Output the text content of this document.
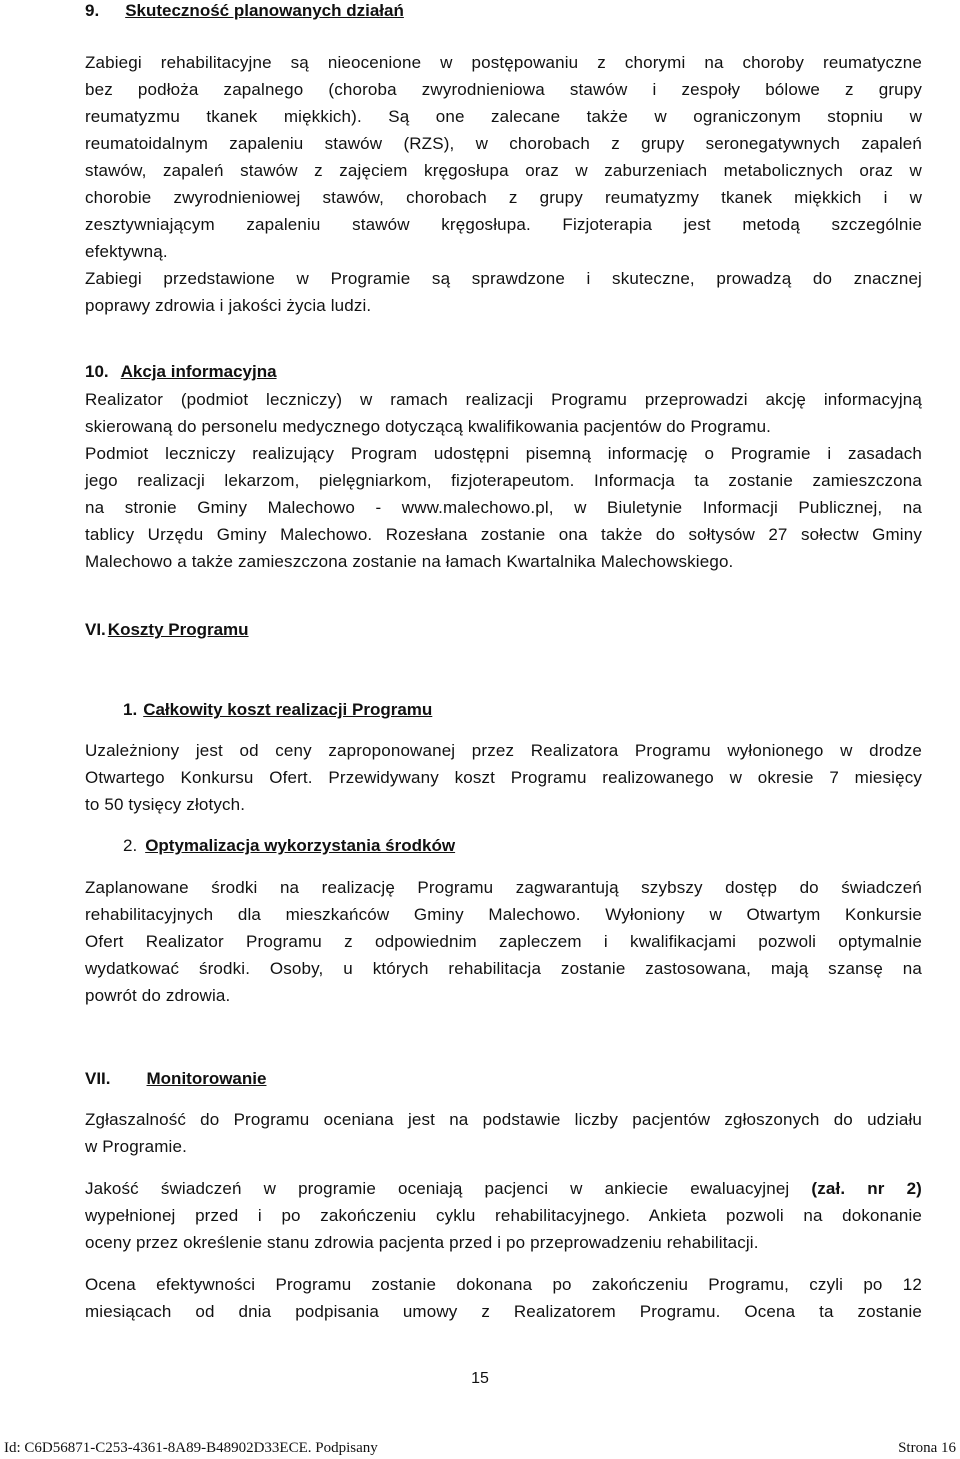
9. Skuteczność planowanych działań
Zabiegi rehabilitacyjne są nieocenione w postępowaniu z chorymi na choroby reumatyczne
bez podłoża zapalnego (choroba zwyrodnieniowa stawów i zespoły bólowe z grupy
reumatyzmu tkanek miękkich). Są one zalecane także w ograniczonym stopniu w
reumatoidalnym zapaleniu stawów (RZS), w chorobach z grupy seronegatywnych zapaleń
stawów, zapaleń stawów z zajęciem kręgosłupa oraz w zaburzeniach metabolicznych oraz w
chorobie zwyrodnieniowej stawów, chorobach z grupy reumatyzmy tkanek miękkich i w
zesztywniającym zapaleniu stawów kręgosłupa. Fizjoterapia jest metodą szczególnie
efektywną.
Zabiegi przedstawione w Programie są sprawdzone i skuteczne, prowadzą do znacznej
poprawy zdrowia i jakości życia ludzi.
10. Akcja informacyjna
Realizator (podmiot leczniczy) w ramach realizacji Programu przeprowadzi akcję informacyjną
skierowaną do personelu medycznego dotyczącą kwalifikowania pacjentów do Programu.
Podmiot leczniczy realizujący Program udostępni pisemną informację o Programie i zasadach
jego realizacji lekarzom, pielęgniarkom, fizjoterapeutom. Informacja ta zostanie zamieszczona
na stronie Gminy Malechowo - www.malechowo.pl, w Biuletynie Informacji Publicznej, na
tablicy Urzędu Gminy Malechowo. Rozesłana zostanie ona także do sołtysów 27 sołectw Gminy
Malechowo a także zamieszczona zostanie na łamach Kwartalnika Malechowskiego.
VI. Koszty Programu
1. Całkowity koszt realizacji Programu
Uzależniony jest od ceny zaproponowanej przez Realizatora Programu wyłonionego w drodze
Otwartego Konkursu Ofert. Przewidywany koszt Programu realizowanego w okresie 7 miesięcy
to 50 tysięcy złotych.
2. Optymalizacja wykorzystania środków
Zaplanowane środki na realizację Programu zagwarantują szybszy dostęp do świadczeń
rehabilitacyjnych dla mieszkańców Gminy Malechowo. Wyłoniony w Otwartym Konkursie
Ofert Realizator Programu z odpowiednim zapleczem i kwalifikacjami pozwoli optymalnie
wydatkować środki. Osoby, u których rehabilitacja zostanie zastosowana, mają szansę na
powrót do zdrowia.
VII. Monitorowanie
Zgłaszalność do Programu oceniana jest na podstawie liczby pacjentów zgłoszonych do udziału
w Programie.
Jakość świadczeń w programie oceniają pacjenci w ankiecie ewaluacyjnej (zał. nr 2)
wypełnionej przed i po zakończeniu cyklu rehabilitacyjnego. Ankieta pozwoli na dokonanie
oceny przez określenie stanu zdrowia pacjenta przed i po przeprowadzeniu rehabilitacji.
Ocena efektywności Programu zostanie dokonana po zakończeniu Programu, czyli po 12
miesiącach od dnia podpisania umowy z Realizatorem Programu. Ocena ta zostanie
15
Id: C6D56871-C253-4361-8A89-B48902D33ECE. Podpisany	Strona 16
